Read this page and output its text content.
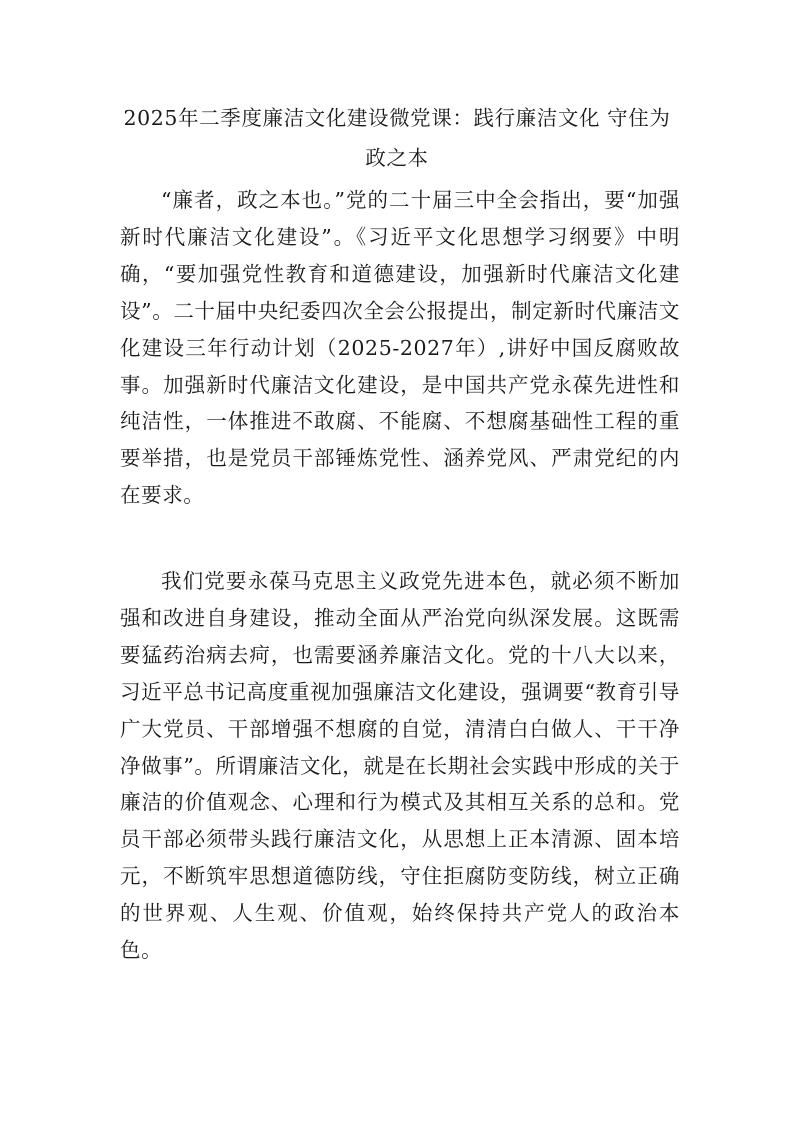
2025年二季度廉洁文化建设微党课：践行廉洁文化 守住为政之本

“廉者，政之本也。”党的二十届三中全会指出，要“加强新时代廉洁文化建设”。《习近平文化思想学习纲要》中明确，“要加强党性教育和道德建设，加强新时代廉洁文化建设”。二十届中央纪委四次全会公报提出，制定新时代廉洁文化建设三年行动计划（2025-2027年）,讲好中国反腐败故事。加强新时代廉洁文化建设，是中国共产党永葆先进性和纯洁性，一体推进不敢腐、不能腐、不想腐基础性工程的重要举措，也是党员干部锤炼党性、涵养党风、严肃党纪的内在要求。

我们党要永葆马克思主义政党先进本色，就必须不断加强和改进自身建设，推动全面从严治党向纵深发展。这既需要猛药治病去疴，也需要涵养廉洁文化。党的十八大以来，习近平总书记高度重视加强廉洁文化建设，强调要“教育引导广大党员、干部增强不想腐的自觉，清清白白做人、干干净净做事”。所谓廉洁文化，就是在长期社会实践中形成的关于廉洁的价值观念、心理和行为模式及其相互关系的总和。党员干部必须带头践行廉洁文化，从思想上正本清源、固本培元，不断筑牢思想道德防线，守住拒腐防变防线，树立正确的世界观、人生观、价值观，始终保持共产党人的政治本色。
